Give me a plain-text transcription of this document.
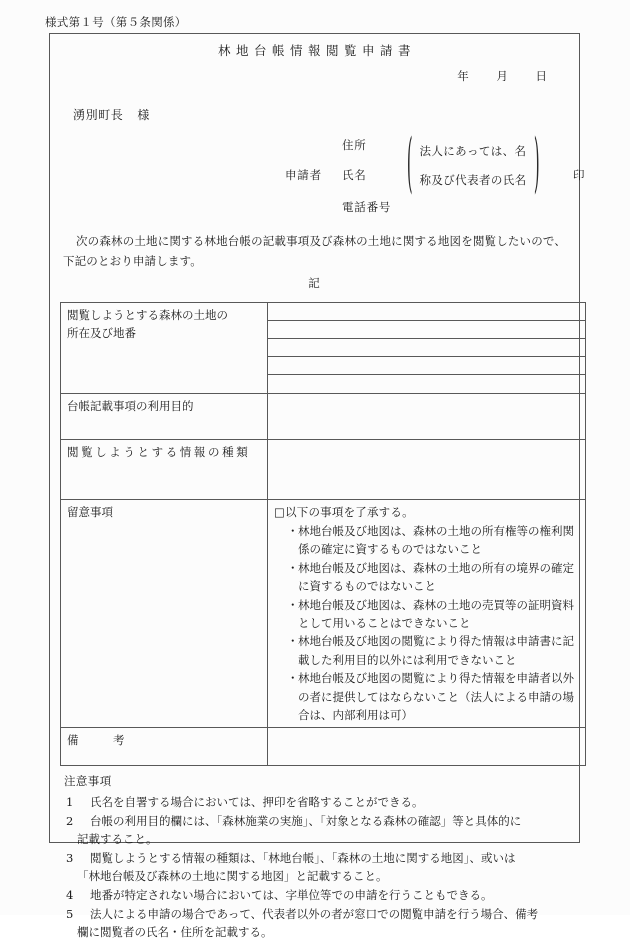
様式第１号（第５条関係）
林地台帳情報閲覧申請書
年 月 日
湧別町長 様
住所
申請者 氏名
電話番号
( 法人にあっては、名
称及び代表者の氏名 )	印
次の森林の土地に関する林地台帳の記載事項及び森林の土地に関する地図を閲覧したいので、下記のとおり申請します。
記
閲覧しようとする森林の土地の
所在及び地番	

台帳記載事項の利用目的	
閲覧しようとする情報の種類	
留意事項	□以下の事項を了承する。
・ 林地台帳及び地図は、森林の土地の所有権等の権利関係の確定に資するものではないこと
・ 林地台帳及び地図は、森林の土地の所有の境界の確定に資するものではないこと
・ 林地台帳及び地図は、森林の土地の売買等の証明資料として用いることはできないこと
・ 林地台帳及び地図の閲覧により得た情報は申請書に記載した利用目的以外には利用できないこと
・ 林地台帳及び地図の閲覧により得た情報を申請者以外の者に提供してはならないこと（法人による申請の場合は、内部利用は可）

備 考	
注意事項
1 氏名を自署する場合においては、押印を省略することができる。
2 台帳の利用目的欄には、「森林施業の実施」、「対象となる森林の確認」等と具体的に
記載すること。
3 閲覧しようとする情報の種類は、「林地台帳」、「森林の土地に関する地図」、或いは
「林地台帳及び森林の土地に関する地図」と記載すること。
4 地番が特定されない場合においては、字単位等での申請を行うこともできる。
5 法人による申請の場合であって、代表者以外の者が窓口での閲覧申請を行う場合、備考
欄に閲覧者の氏名・住所を記載する。
